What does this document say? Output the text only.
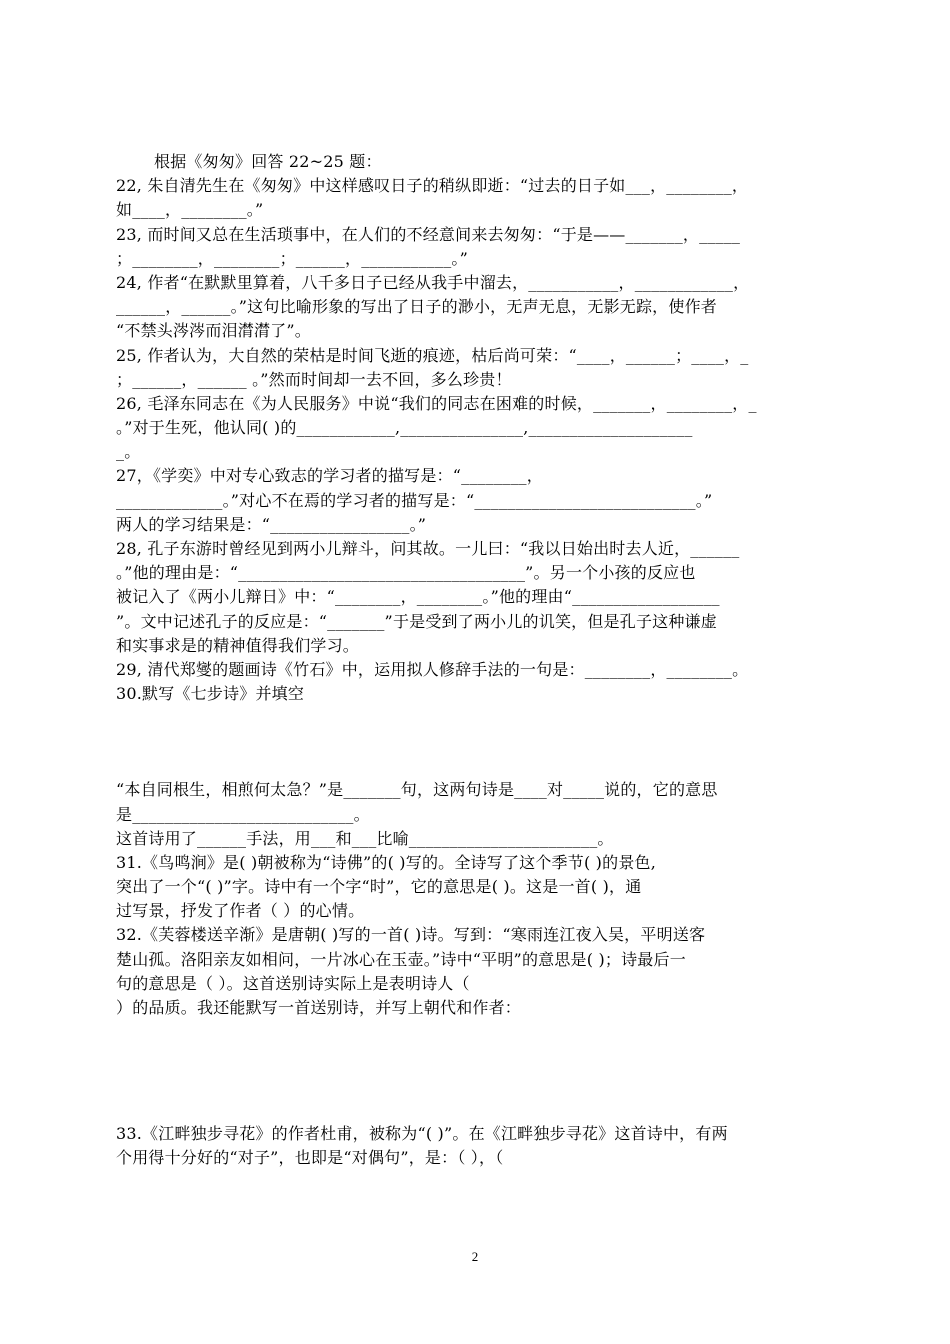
根据《匆匆》回答 22~25 题：
22, 朱自清先生在《匆匆》中这样感叹日子的稍纵即逝：“过去的日子如___，________，
如____，________。”
23, 而时间又总在生活琐事中，在人们的不经意间来去匆匆：“于是——_______，_____
；________，________；______，___________。”
24, 作者“在默默里算着，八千多日子已经从我手中溜去，___________，____________，
______，______。”这句比喻形象的写出了日子的渺小，无声无息，无影无踪，使作者
“不禁头涔涔而泪潸潸了”。
25, 作者认为，大自然的荣枯是时间飞逝的痕迹，枯后尚可荣：“____，______；____，_
；______，______ 。”然而时间却一去不回，多么珍贵！
26, 毛泽东同志在《为人民服务》中说“我们的同志在困难的时候，_______，________，_
。”对于生死，他认同( )的____________,_______________,____________________
_。
27，《学奕》中对专心致志的学习者的描写是：“________，
_____________。”对心不在焉的学习者的描写是：“___________________________。”
两人的学习结果是：“_________________。”
28, 孔子东游时曾经见到两小儿辩斗，问其故。一儿曰：“我以日始出时去人近，______
。”他的理由是：“___________________________________”。另一个小孩的反应也
被记入了《两小儿辩日》中：“________，________。”他的理由“__________________
”。文中记述孔子的反应是：“_______”于是受到了两小儿的讥笑，但是孔子这种谦虚
和实事求是的精神值得我们学习。
29, 清代郑燮的题画诗《竹石》中，运用拟人修辞手法的一句是：________，________。
30.默写《七步诗》并填空
“本自同根生，相煎何太急？”是_______句，这两句诗是____对_____说的，它的意思
是___________________________。
这首诗用了______手法，用___和___比喻_______________________。
31.《鸟鸣涧》是( )朝被称为“诗佛”的( )写的。全诗写了这个季节( )的景色,
突出了一个“( )”字。诗中有一个字“时”，它的意思是( )。这是一首( )，通
过写景，抒发了作者（ ）的心情。
32.《芙蓉楼送辛渐》是唐朝( )写的一首( )诗。写到：“寒雨连江夜入吴，平明送客
楚山孤。洛阳亲友如相问，一片冰心在玉壶。”诗中“平明”的意思是( )；诗最后一
句的意思是（ ）。这首送别诗实际上是表明诗人（
）的品质。我还能默写一首送别诗，并写上朝代和作者：
33.《江畔独步寻花》的作者杜甫，被称为“( )”。在《江畔独步寻花》这首诗中，有两
个用得十分好的“对子”，也即是“对偶句”，是：（ ），（
2
